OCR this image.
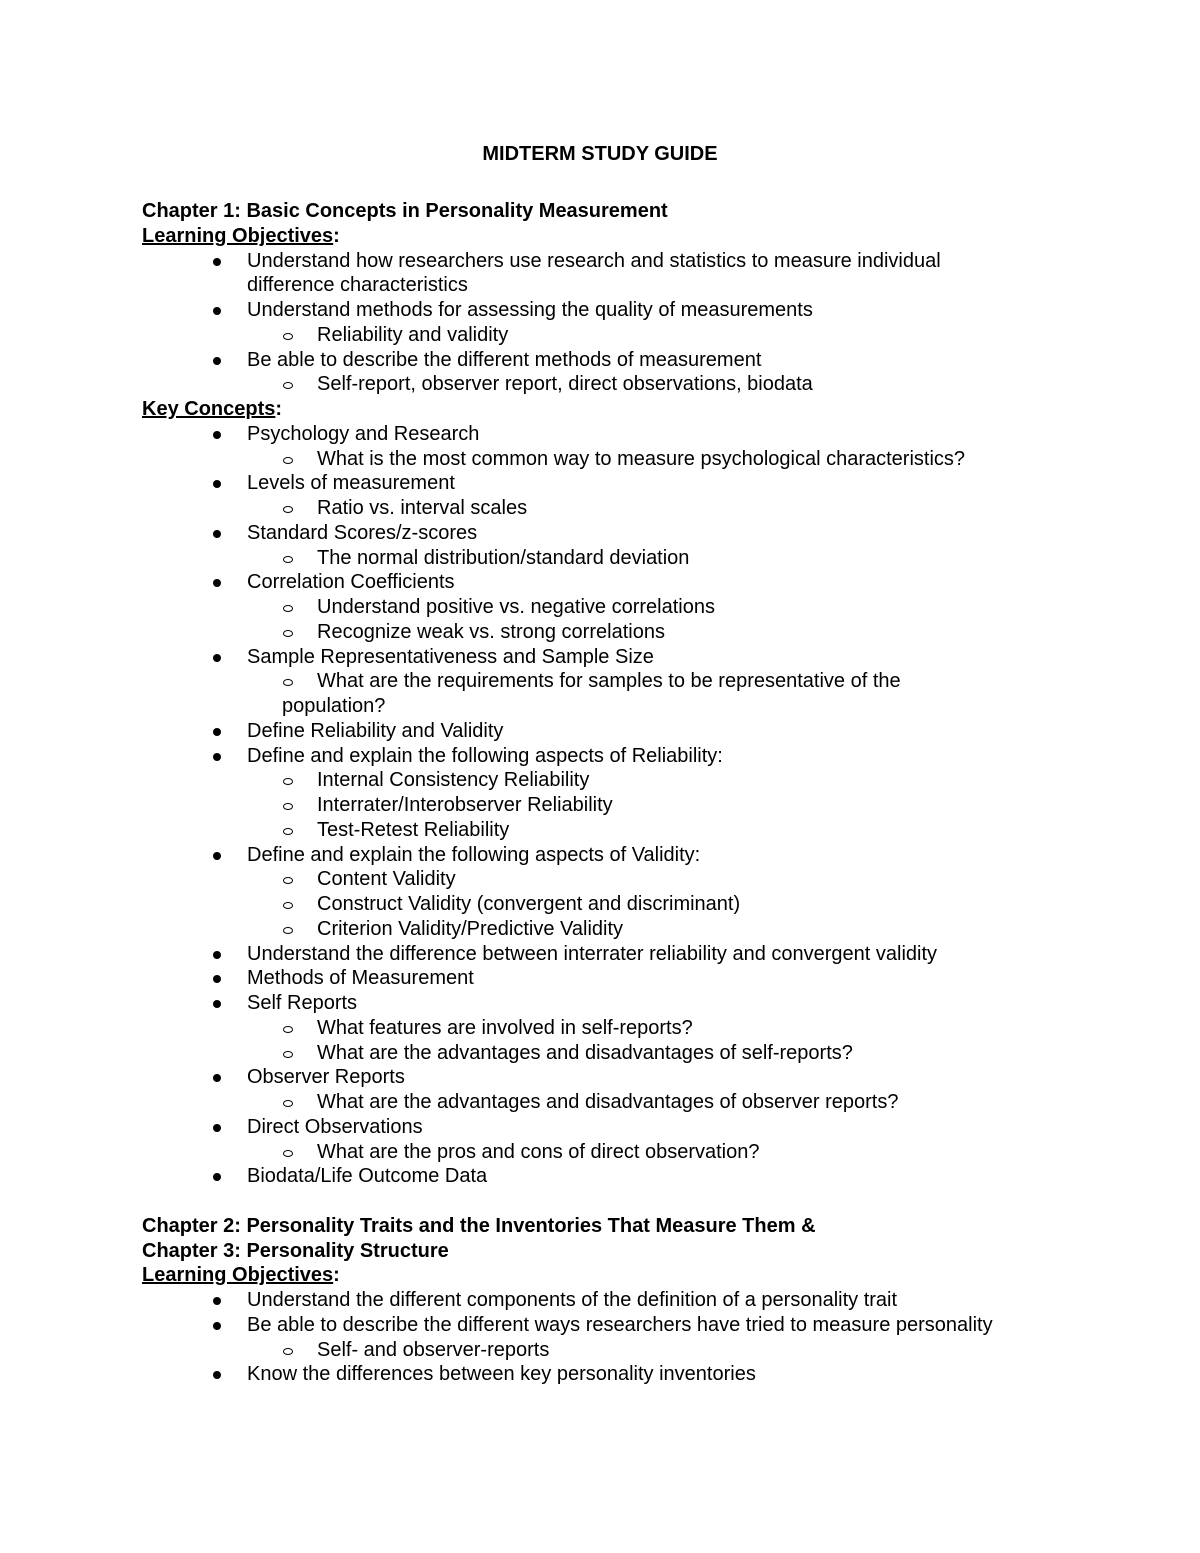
MIDTERM STUDY GUIDE
Chapter 1: Basic Concepts in Personality Measurement
Learning Objectives:
Understand how researchers use research and statistics to measure individual
difference characteristics
Understand methods for assessing the quality of measurements
Reliability and validity
Be able to describe the different methods of measurement
Self-report, observer report, direct observations, biodata
Key Concepts:
Psychology and Research
What is the most common way to measure psychological characteristics?
Levels of measurement
Ratio vs. interval scales
Standard Scores/z-scores
The normal distribution/standard deviation
Correlation Coefficients
Understand positive vs. negative correlations
Recognize weak vs. strong correlations
Sample Representativeness and Sample Size
What are the requirements for samples to be representative of the
population?
Define Reliability and Validity
Define and explain the following aspects of Reliability:
Internal Consistency Reliability
Interrater/Interobserver Reliability
Test-Retest Reliability
Define and explain the following aspects of Validity:
Content Validity
Construct Validity (convergent and discriminant)
Criterion Validity/Predictive Validity
Understand the difference between interrater reliability and convergent validity
Methods of Measurement
Self Reports
What features are involved in self-reports?
What are the advantages and disadvantages of self-reports?
Observer Reports
What are the advantages and disadvantages of observer reports?
Direct Observations
What are the pros and cons of direct observation?
Biodata/Life Outcome Data
Chapter 2: Personality Traits and the Inventories That Measure Them &
Chapter 3: Personality Structure
Learning Objectives:
Understand the different components of the definition of a personality trait
Be able to describe the different ways researchers have tried to measure personality
Self- and observer-reports
Know the differences between key personality inventories
